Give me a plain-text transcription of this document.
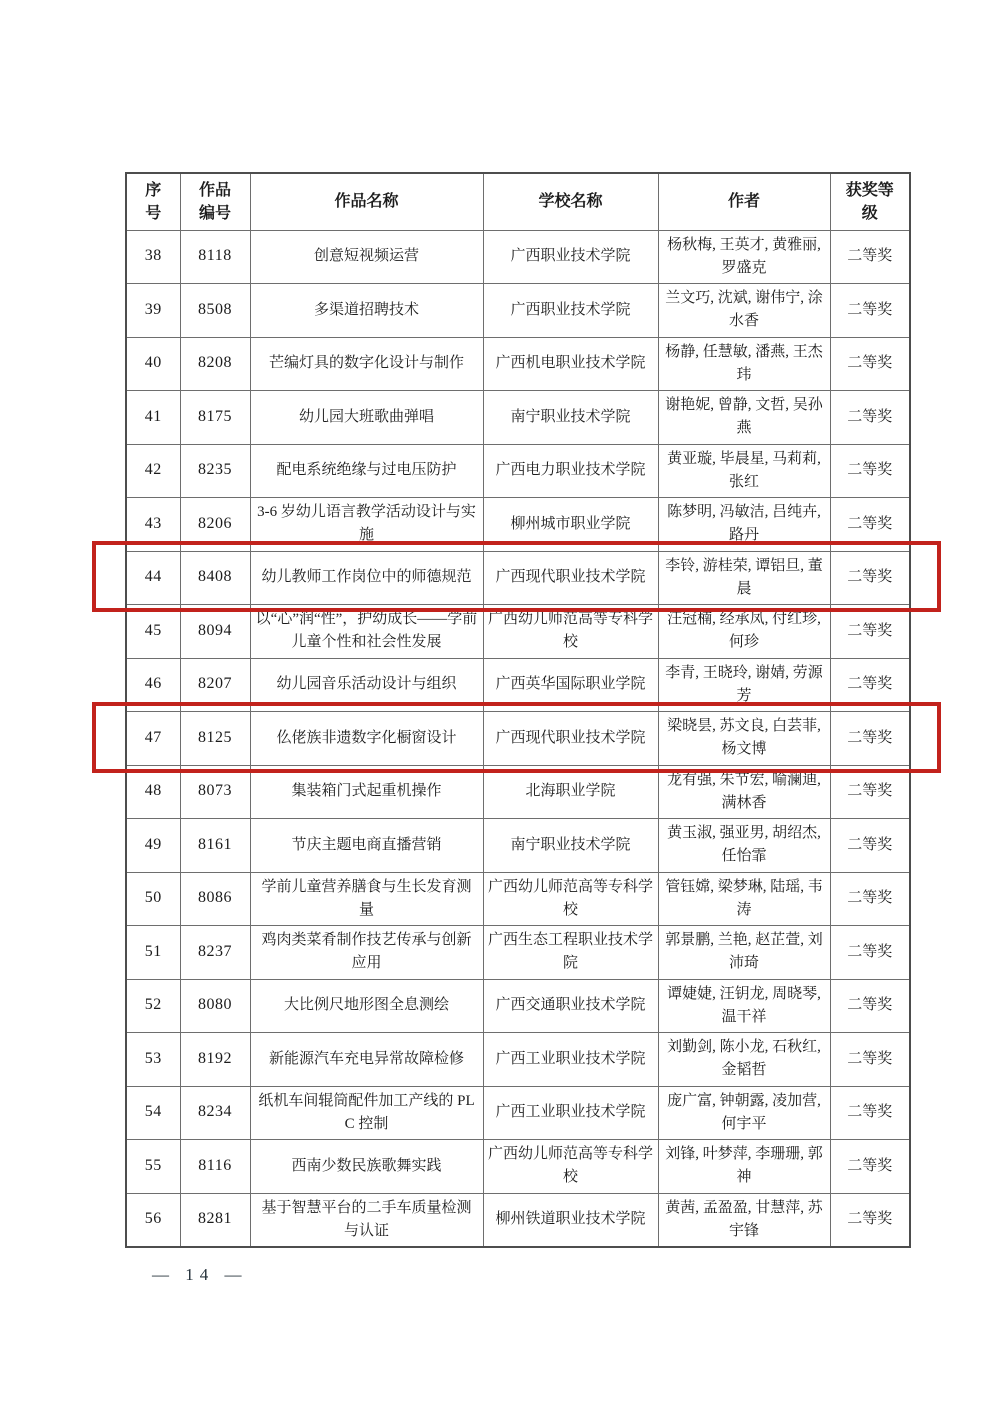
序号	作品编号	作品名称	学校名称	作者	获奖等级
38	8118	创意短视频运营	广西职业技术学院	杨秋梅, 王英才, 黄雅丽, 罗盛克	二等奖
39	8508	多渠道招聘技术	广西职业技术学院	兰文巧, 沈斌, 谢伟宁, 涂水香	二等奖
40	8208	芒编灯具的数字化设计与制作	广西机电职业技术学院	杨静, 任慧敏, 潘燕, 王杰玮	二等奖
41	8175	幼儿园大班歌曲弹唱	南宁职业技术学院	谢艳妮, 曾静, 文哲, 吴孙燕	二等奖
42	8235	配电系统绝缘与过电压防护	广西电力职业技术学院	黄亚璇, 毕晨星, 马莉莉, 张红	二等奖
43	8206	3-6 岁幼儿语言教学活动设计与实施	柳州城市职业学院	陈梦明, 冯敏洁, 吕纯卉, 路丹	二等奖
44	8408	幼儿教师工作岗位中的师德规范	广西现代职业技术学院	李铃, 游桂荣, 谭铝旦, 董晨	二等奖
45	8094	以“心”润“性”，护幼成长——学前儿童个性和社会性发展	广西幼儿师范高等专科学校	汪冠楠, 经承凤, 付红珍, 何珍	二等奖
46	8207	幼儿园音乐活动设计与组织	广西英华国际职业学院	李青, 王晓玲, 谢婧, 劳源芳	二等奖
47	8125	仫佬族非遗数字化橱窗设计	广西现代职业技术学院	梁晓昙, 苏文良, 白芸菲, 杨文博	二等奖
48	8073	集装箱门式起重机操作	北海职业学院	龙有强, 朱节宏, 喻澜迪, 满林香	二等奖
49	8161	节庆主题电商直播营销	南宁职业技术学院	黄玉淑, 强亚男, 胡绍杰, 任怡霏	二等奖
50	8086	学前儿童营养膳食与生长发育测量	广西幼儿师范高等专科学校	管钰嫦, 梁梦琳, 陆瑶, 韦涛	二等奖
51	8237	鸡肉类菜肴制作技艺传承与创新应用	广西生态工程职业技术学院	郭景鹏, 兰艳, 赵芷萱, 刘沛琦	二等奖
52	8080	大比例尺地形图全息测绘	广西交通职业技术学院	谭婕婕, 汪钥龙, 周晓琴, 温干祥	二等奖
53	8192	新能源汽车充电异常故障检修	广西工业职业技术学院	刘勤剑, 陈小龙, 石秋红, 金韬哲	二等奖
54	8234	纸机车间辊筒配件加工产线的 PLC 控制	广西工业职业技术学院	庞广富, 钟朝露, 凌加营, 何宇平	二等奖
55	8116	西南少数民族歌舞实践	广西幼儿师范高等专科学校	刘锋, 叶梦萍, 李珊珊, 郭神	二等奖
56	8281	基于智慧平台的二手车质量检测与认证	柳州铁道职业技术学院	黄茜, 孟盈盈, 甘慧萍, 苏宇锋	二等奖
— 14 —
